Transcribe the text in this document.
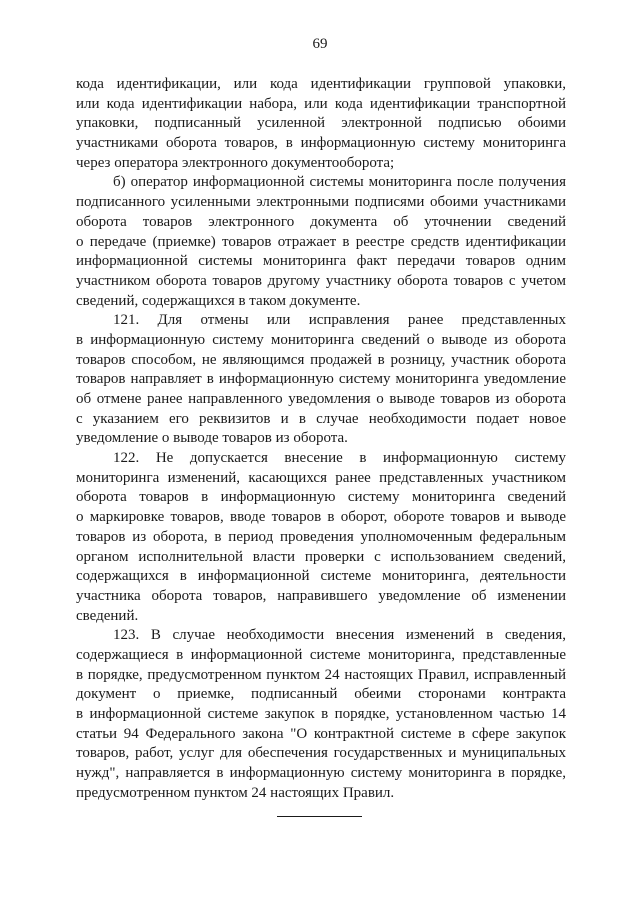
69
кода идентификации, или кода идентификации групповой упаковки,
или кода идентификации набора, или кода идентификации транспортной
упаковки, подписанный усиленной электронной подписью обоими
участниками оборота товаров, в информационную систему мониторинга
через оператора электронного документооборота;
б) оператор информационной системы мониторинга после получения
подписанного усиленными электронными подписями обоими участниками
оборота товаров электронного документа об уточнении сведений
о передаче (приемке) товаров отражает в реестре средств идентификации
информационной системы мониторинга факт передачи товаров одним
участником оборота товаров другому участнику оборота товаров с учетом
сведений, содержащихся в таком документе.
121. Для отмены или исправления ранее представленных
в информационную систему мониторинга сведений о выводе из оборота
товаров способом, не являющимся продажей в розницу, участник оборота
товаров направляет в информационную систему мониторинга уведомление
об отмене ранее направленного уведомления о выводе товаров из оборота
с указанием его реквизитов и в случае необходимости подает новое
уведомление о выводе товаров из оборота.
122. Не допускается внесение в информационную систему
мониторинга изменений, касающихся ранее представленных участником
оборота товаров в информационную систему мониторинга сведений
о маркировке товаров, вводе товаров в оборот, обороте товаров и выводе
товаров из оборота, в период проведения уполномоченным федеральным
органом исполнительной власти проверки с использованием сведений,
содержащихся в информационной системе мониторинга, деятельности
участника оборота товаров, направившего уведомление об изменении
сведений.
123. В случае необходимости внесения изменений в сведения,
содержащиеся в информационной системе мониторинга, представленные
в порядке, предусмотренном пунктом 24 настоящих Правил, исправленный
документ о приемке, подписанный обеими сторонами контракта
в информационной системе закупок в порядке, установленном частью 14
статьи 94 Федерального закона "О контрактной системе в сфере закупок
товаров, работ, услуг для обеспечения государственных и муниципальных
нужд", направляется в информационную систему мониторинга в порядке,
предусмотренном пунктом 24 настоящих Правил.
